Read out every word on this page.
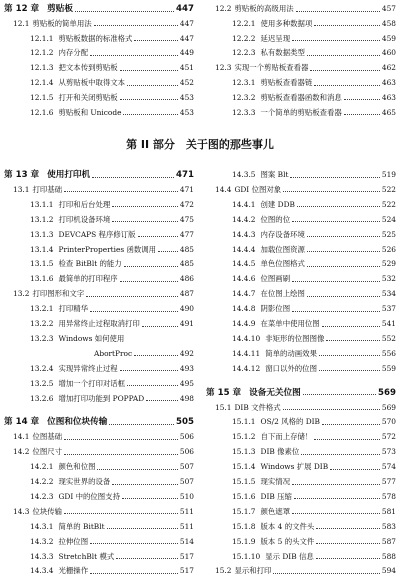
第 12 章 剪贴板	447
12.1 剪贴板的简单用法	447
12.1.1 剪贴板数据的标准格式	447
12.1.2 内存分配	449
12.1.3 把文本传到剪贴板	451
12.1.4 从剪贴板中取得文本	452
12.1.5 打开和关闭剪贴板	453
12.1.6 剪贴板和 Unicode	453
12.2 剪贴板的高级用法	457
12.2.1 使用多种数据项	458
12.2.2 延迟呈现	459
12.2.3 私有数据类型	460
12.3 实现一个剪贴板查看器	462
12.3.1 剪贴板查看器链	463
12.3.2 剪贴板查看器函数和消息	463
12.3.3 一个简单的剪贴板查看器	465
第 II 部分　关于图的那些事儿
第 13 章 使用打印机	471
13.1 打印基础	471
13.1.1 打印和后台处理	472
13.1.2 打印机设备环境	475
13.1.3 DEVCAPS 程序修订版	477
13.1.4 PrinterProperties 函数调用	485
13.1.5 检查 BitBlt 的能力	485
13.1.6 最简单的打印程序	486
13.2 打印图形和文字	487
13.2.1 打印精华	490
13.2.2 用异常终止过程取消打印	491
13.2.3 Windows 如何使用
AbortProc	492
13.2.4 实现异常终止过程	493
13.2.5 增加一个打印对话框	495
13.2.6 增加打印功能到 POPPAD	498
第 14 章 位图和位块传输	505
14.1 位图基础	506
14.2 位图尺寸	506
14.2.1 颜色和位图	507
14.2.2 现实世界的设备	507
14.2.3 GDI 中的位图支持	510
14.3 位块传输	511
14.3.1 简单的 BitBlt	511
14.3.2 拉伸位图	514
14.3.3 StretchBlt 模式	517
14.3.4 光栅操作	517
14.3.5 图案 Blt	519
14.4 GDI 位图对象	522
14.4.1 创建 DDB	522
14.4.2 位图的位	524
14.4.3 内存设备环境	525
14.4.4 加载位图资源	526
14.4.5 单色位图格式	529
14.4.6 位图画刷	532
14.4.7 在位图上绘图	534
14.4.8 阴影位图	537
14.4.9 在菜单中使用位图	541
14.4.10 非矩形的位图图像	552
14.4.11 简单的动画效果	556
14.4.12 窗口以外的位图	559
第 15 章 设备无关位图	569
15.1 DIB 文件格式	569
15.1.1 OS/2 风格的 DIB	570
15.1.2 自下而上存储！	572
15.1.3 DIB 像素位	573
15.1.4 Windows 扩展 DIB	574
15.1.5 现实情况	577
15.1.6 DIB 压缩	578
15.1.7 颜色遮罩	581
15.1.8 版本 4 的文件头	583
15.1.9 版本 5 的头文件	587
15.1.10 显示 DIB 信息	588
15.2 显示和打印	594
